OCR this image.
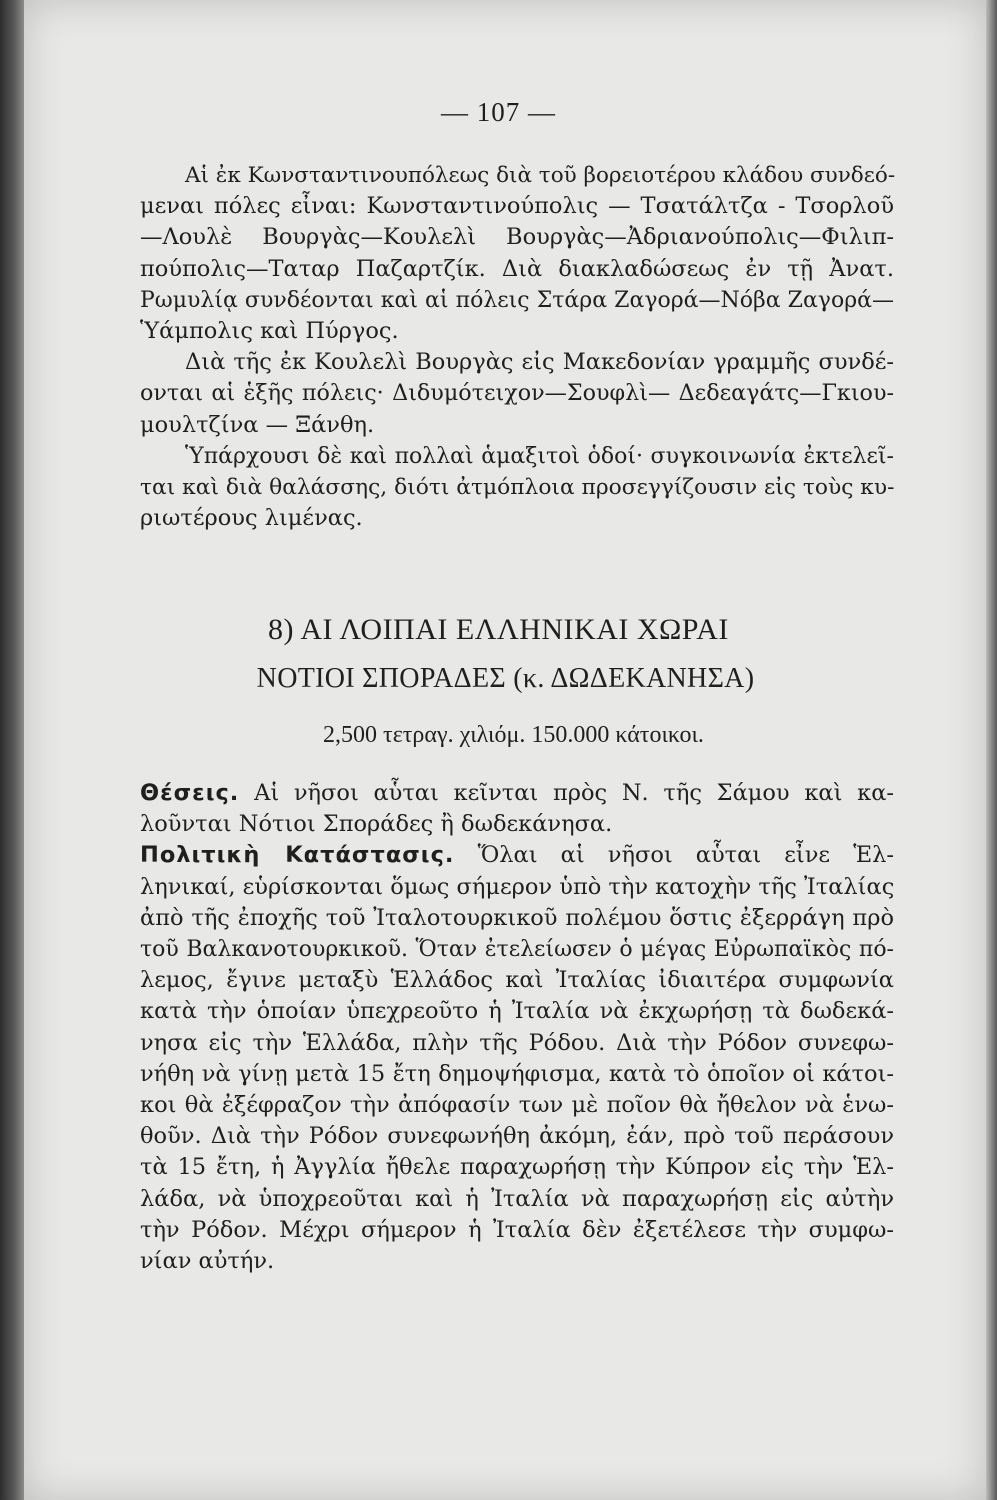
— 107 —
Αἱ ἐκ Κωνσταντινουπόλεως διὰ τοῦ βορειοτέρου κλάδου συνδεό-
μεναι πόλες εἶναι: Κωνσταντινούπολις — Τσατάλτζα - Τσορλοῦ
—Λουλὲ Βουργὰς—Κουλελὶ Βουργὰς—Ἀδριανούπολις—Φιλιπ-
πούπολις—Ταταρ Παζαρτζίκ. Διὰ διακλαδώσεως ἐν τῇ Ἀνατ.
Ρωμυλίᾳ συνδέονται καὶ αἱ πόλεις Στάρα Ζαγορά—Νόβα Ζαγορά—
Ὑάμπολις καὶ Πύργος.
Διὰ τῆς ἐκ Κουλελὶ Βουργὰς εἰς Μακεδονίαν γραμμῆς συνδέ-
ονται αἱ ἑξῆς πόλεις· Διδυμότειχον—Σουφλὶ— Δεδεαγάτς—Γκιου-
μουλτζίνα — Ξάνθη.
Ὑπάρχουσι δὲ καὶ πολλαὶ ἁμαξιτοὶ ὁδοί· συγκοινωνία ἐκτελεῖ-
ται καὶ διὰ θαλάσσης, διότι ἀτμόπλοια προσεγγίζουσιν εἰς τοὺς κυ-
ριωτέρους λιμένας.
8) ΑΙ ΛΟΙΠΑΙ ΕΛΛΗΝΙΚΑΙ ΧΩΡΑΙ
ΝΟΤΙΟΙ ΣΠΟΡΑΔΕΣ (κ. ΔΩΔΕΚΑΝΗΣΑ)
2,500 τετραγ. χιλιόμ. 150.000 κάτοικοι.
Θέσεις. Αἱ νῆσοι αὗται κεῖνται πρὸς Ν. τῆς Σάμου καὶ κα-
λοῦνται Νότιοι Σποράδες ἢ δωδεκάνησα.
Πολιτικὴ Κατάστασις. Ὅλαι αἱ νῆσοι αὗται εἶνε Ἑλ-
ληνικαί, εὑρίσκονται ὅμως σήμερον ὑπὸ τὴν κατοχὴν τῆς Ἰταλίας
ἀπὸ τῆς ἐποχῆς τοῦ Ἰταλοτουρκικοῦ πολέμου ὅστις ἐξερράγη πρὸ
τοῦ Βαλκανοτουρκικοῦ. Ὅταν ἐτελείωσεν ὁ μέγας Εὐρωπαϊκὸς πό-
λεμος, ἔγινε μεταξὺ Ἑλλάδος καὶ Ἰταλίας ἰδιαιτέρα συμφωνία
κατὰ τὴν ὁποίαν ὑπεχρεοῦτο ἡ Ἰταλία νὰ ἐκχωρήσῃ τὰ δωδεκά-
νησα εἰς τὴν Ἑλλάδα, πλὴν τῆς Ρόδου. Διὰ τὴν Ρόδον συνεφω-
νήθη νὰ γίνῃ μετὰ 15 ἔτη δημοψήφισμα, κατὰ τὸ ὁποῖον οἱ κάτοι-
κοι θὰ ἐξέφραζον τὴν ἀπόφασίν των μὲ ποῖον θὰ ἤθελον νὰ ἑνω-
θοῦν. Διὰ τὴν Ρόδον συνεφωνήθη ἀκόμη, ἐάν, πρὸ τοῦ περάσουν
τὰ 15 ἔτη, ἡ Ἀγγλία ἤθελε παραχωρήσῃ τὴν Κύπρον εἰς τὴν Ἑλ-
λάδα, νὰ ὑποχρεοῦται καὶ ἡ Ἰταλία νὰ παραχωρήσῃ εἰς αὐτὴν
τὴν Ρόδον. Μέχρι σήμερον ἡ Ἰταλία δὲν ἐξετέλεσε τὴν συμφω-
νίαν αὐτήν.
